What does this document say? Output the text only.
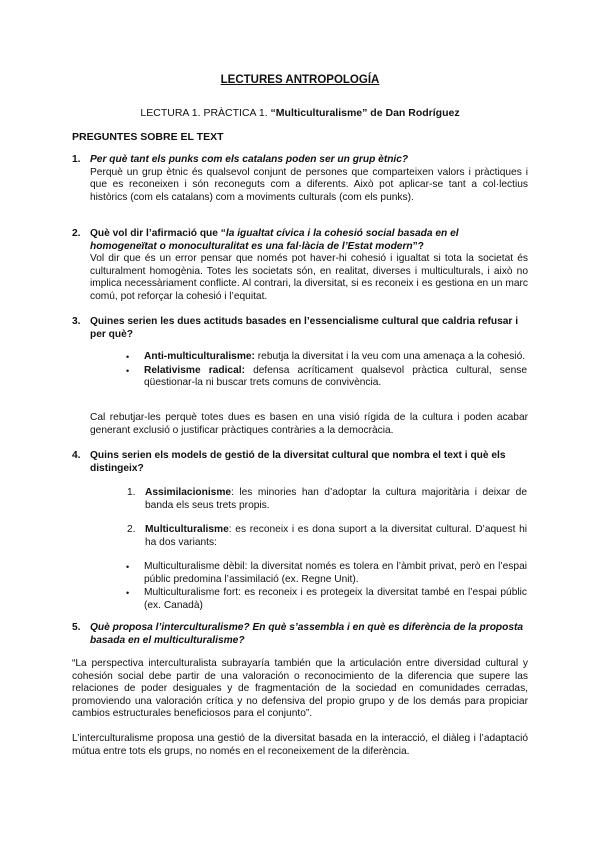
LECTURES ANTROPOLOGÍA
LECTURA 1. PRÀCTICA 1. “Multiculturalisme” de Dan Rodríguez
PREGUNTES SOBRE EL TEXT
1. Per què tant els punks com els catalans poden ser un grup ètnic?
Perquè un grup ètnic és qualsevol conjunt de persones que comparteixen valors i pràctiques i que es reconeixen i són reconeguts com a diferents. Això pot aplicar-se tant a col·lectius històrics (com els catalans) com a moviments culturals (com els punks).
2. Què vol dir l’afirmació que “la igualtat cívica i la cohesió social basada en el homogeneïtat o monoculturalitat es una fal·làcia de l’Estat modern”?
Vol dir que és un error pensar que només pot haver-hi cohesió i igualtat si tota la societat és culturalment homogènia. Totes les societats són, en realitat, diverses i multiculturals, i això no implica necessàriament conflicte. Al contrari, la diversitat, si es reconeix i es gestiona en un marc comú, pot reforçar la cohesió i l’equitat.
3. Quines serien les dues actituds basades en l’essencialisme cultural que caldria refusar i per què?
• Anti-multiculturalisme: rebutja la diversitat i la veu com una amenaça a la cohesió.
• Relativisme radical: defensa acríticament qualsevol pràctica cultural, sense qüestionar-la ni buscar trets comuns de convivència.
Cal rebutjar-les perquè totes dues es basen en una visió rígida de la cultura i poden acabar generant exclusió o justificar pràctiques contràries a la democràcia.
4. Quins serien els models de gestió de la diversitat cultural que nombra el text i què els distingeix?
1. Assimilacionisme: les minories han d’adoptar la cultura majoritària i deixar de banda els seus trets propis.
2. Multiculturalisme: es reconeix i es dona suport a la diversitat cultural. D’aquest hi ha dos variants:
• Multiculturalisme dèbil: la diversitat només es tolera en l’àmbit privat, però en l’espai públic predomina l’assimilació (ex. Regne Unit).
• Multiculturalisme fort: es reconeix i es protegeix la diversitat també en l’espai públic (ex. Canadà)
5. Què proposa l’interculturalisme? En què s’assembla i en què es diferència de la proposta basada en el multiculturalisme?
“La perspectiva interculturalista subrayaría también que la articulación entre diversidad cultural y cohesión social debe partir de una valoración o reconocimiento de la diferencia que supere las relaciones de poder desiguales y de fragmentación de la sociedad en comunidades cerradas, promoviendo una valoración crítica y no defensiva del propio grupo y de los demás para propiciar cambios estructurales beneficiosos para el conjunto”.
L’interculturalisme proposa una gestió de la diversitat basada en la interacció, el diàleg i l’adaptació mútua entre tots els grups, no només en el reconeixement de la diferència.
